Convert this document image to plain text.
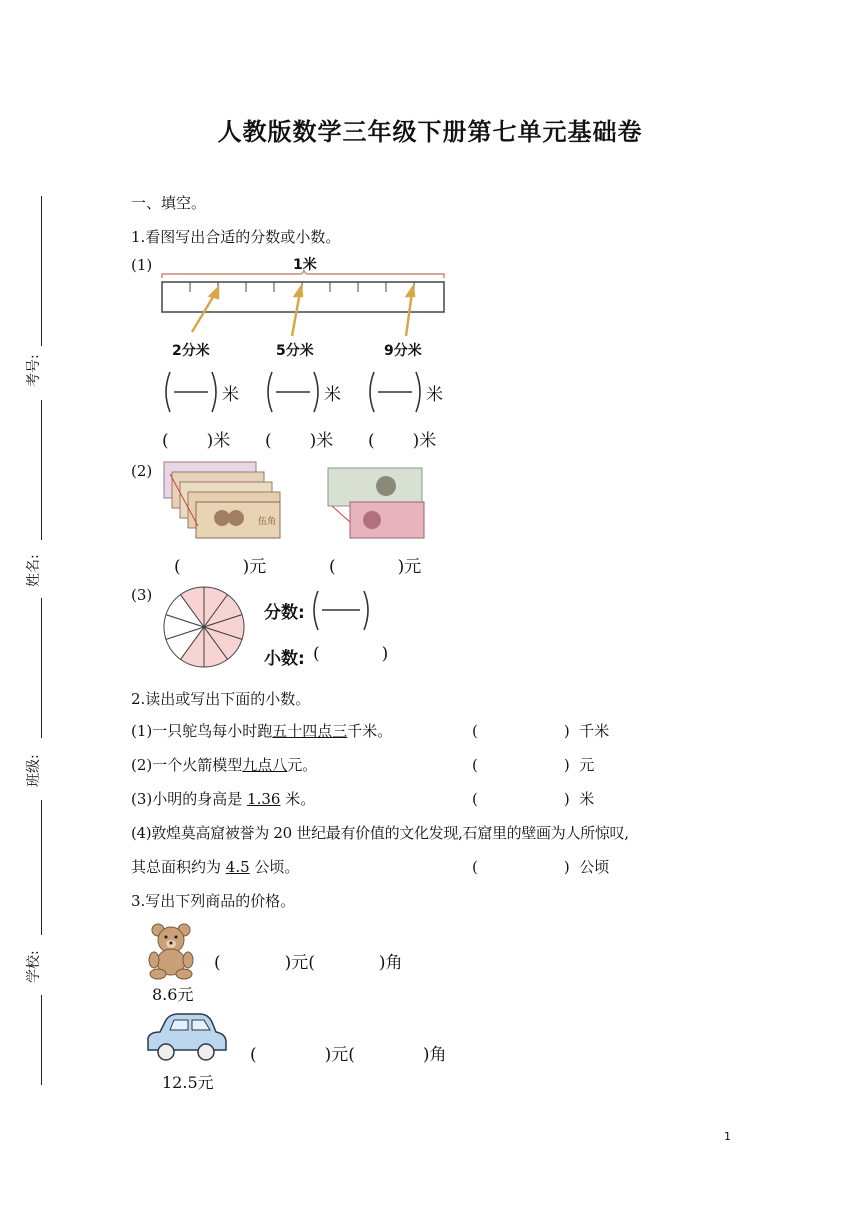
人教版数学三年级下册第七单元基础卷
考号:
姓名:
班级:
学校:
一、填空。
1.看图写出合适的分数或小数。
(1)	1米
2分米	5分米	9分米
米	米	米
( )米 ( )米 ( )米
(2)
伍角
(	)元	(	)元
(3)
分数:
小数: (	)
2.读出或写出下面的小数。
(1)一只鸵鸟每小时跑五十四点三千米。	(	)  千米
(2)一个火箭模型九点八元。	(	)  元
(3)小明的身高是 1.36 米。	(	)  米
(4)敦煌莫高窟被誉为 20 世纪最有价值的文化发现,石窟里的壁画为人所惊叹,
其总面积约为 4.5 公顷。	(	)  公顷
3.写出下列商品的价格。
8.6元
(	)元(	)角
12.5元
(	)元(	)角
1
